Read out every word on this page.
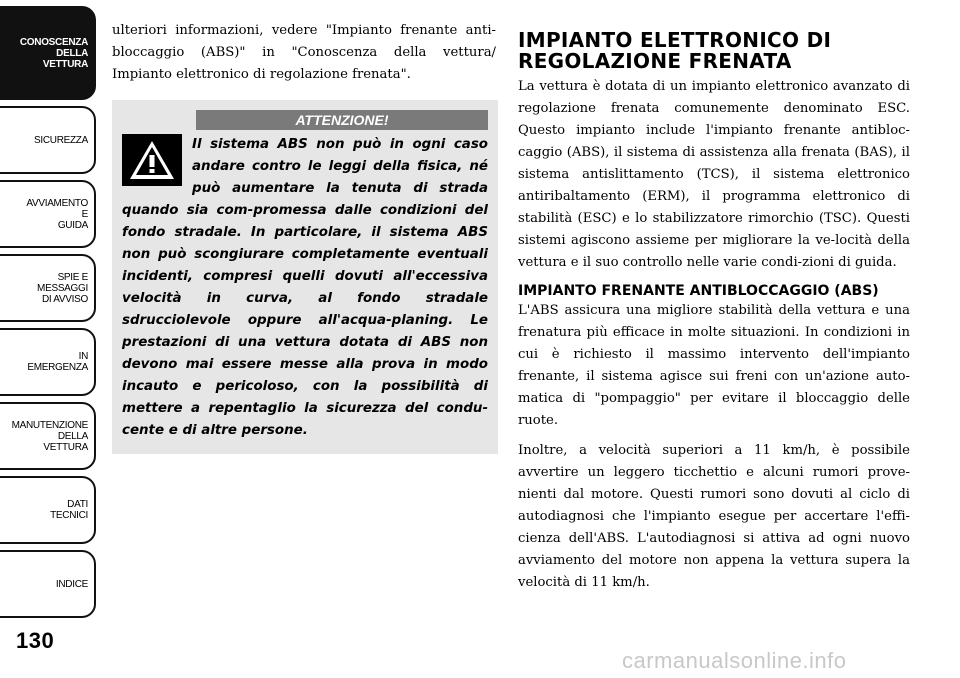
CONOSCENZA
DELLA
VETTURA
SICUREZZA
AVVIAMENTO
E
GUIDA
SPIE E
MESSAGGI
DI AVVISO
IN
EMERGENZA
MANUTENZIONE
DELLA
VETTURA
DATI
TECNICI
INDICE
130

ulteriori informazioni, vedere "Impianto frenante anti-bloccaggio (ABS)" in "Conoscenza della vettura/ Impianto elettronico di regolazione frenata".

ATTENZIONE!

Il sistema ABS non può in ogni caso andare contro le leggi della fisica, né può aumentare la tenuta di strada quando sia com-promessa dalle condizioni del fondo stradale. In particolare, il sistema ABS non può scongiurare completamente eventuali incidenti, compresi quelli dovuti all'eccessiva velocità in curva, al fondo stradale sdrucciolevole oppure all'acqua-planing. Le prestazioni di una vettura dotata di ABS non devono mai essere messe alla prova in modo incauto e pericoloso, con la possibilità di mettere a repentaglio la sicurezza del condu-cente e di altre persone.

IMPIANTO ELETTRONICO DI REGOLAZIONE FRENATA

La vettura è dotata di un impianto elettronico avanzato di regolazione frenata comunemente denominato ESC. Questo impianto include l'impianto frenante antibloc-caggio (ABS), il sistema di assistenza alla frenata (BAS), il sistema antislittamento (TCS), il sistema elettronico antiribaltamento (ERM), il programma elettronico di stabilità (ESC) e lo stabilizzatore rimorchio (TSC). Questi sistemi agiscono assieme per migliorare la ve-locità della vettura e il suo controllo nelle varie condi-zioni di guida.

IMPIANTO FRENANTE ANTIBLOCCAGGIO (ABS)

L'ABS assicura una migliore stabilità della vettura e una frenatura più efficace in molte situazioni. In condizioni in cui è richiesto il massimo intervento dell'impianto frenante, il sistema agisce sui freni con un'azione auto-matica di "pompaggio" per evitare il bloccaggio delle ruote.

Inoltre, a velocità superiori a 11 km/h, è possibile avvertire un leggero ticchettio e alcuni rumori prove-nienti dal motore. Questi rumori sono dovuti al ciclo di autodiagnosi che l'impianto esegue per accertare l'effi-cienza dell'ABS. L'autodiagnosi si attiva ad ogni nuovo avviamento del motore non appena la vettura supera la velocità di 11 km/h.

carmanualsonline.info
